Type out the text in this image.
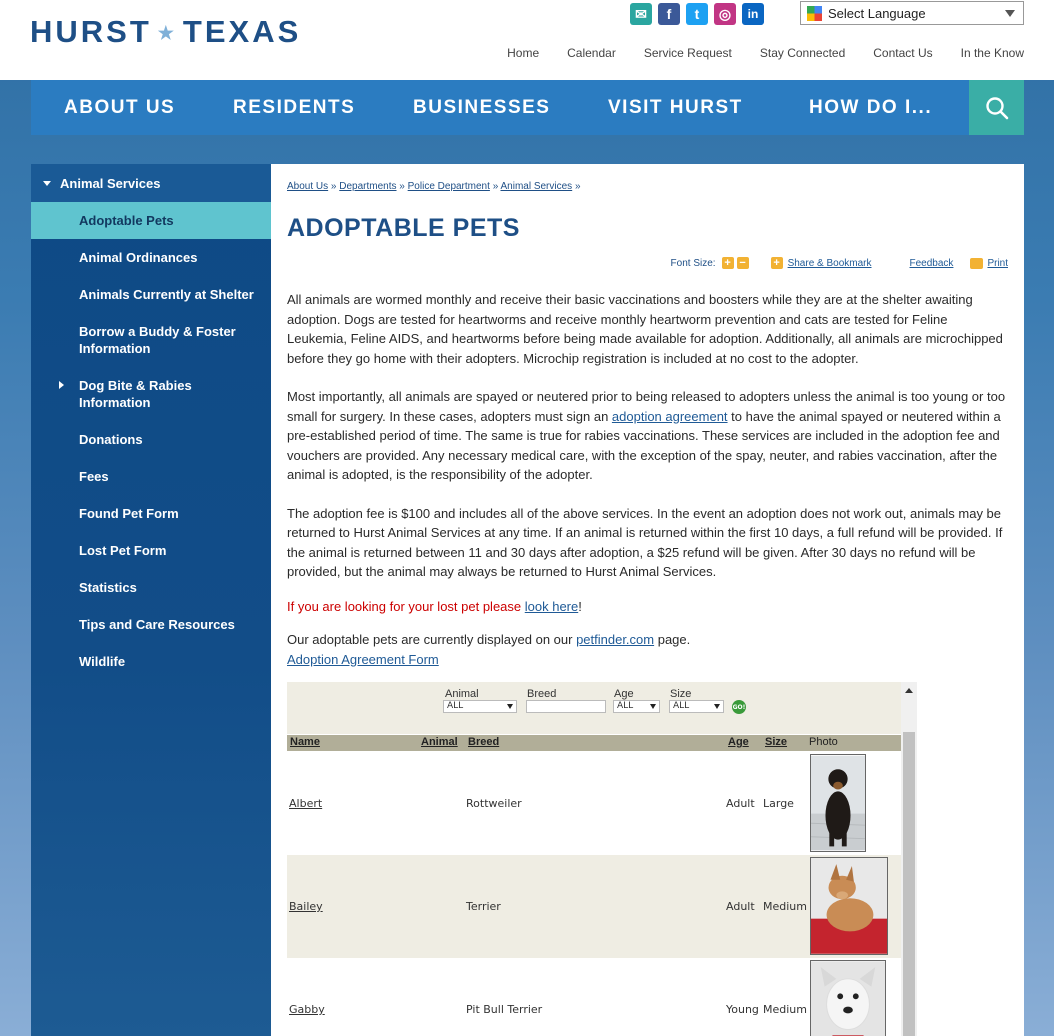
HURST ★ TEXAS
✉	f	t	◎	in	Select Language
Home Calendar Service Request Stay Connected Contact Us In the Know
ABOUT US	RESIDENTS	BUSINESSES	VISIT HURST	HOW DO I...
Animal Services
Adoptable Pets
Animal Ordinances
Animals Currently at Shelter
Borrow a Buddy & Foster Information
Dog Bite & Rabies Information
Donations
Fees
Found Pet Form
Lost Pet Form
Statistics
Tips and Care Resources
Wildlife
About Us » Departments » Police Department » Animal Services »
ADOPTABLE PETS
Font Size: + −	+ Share & Bookmark	Feedback	Print

All animals are wormed monthly and receive their basic vaccinations and boosters while they are at the shelter awaiting adoption. Dogs are tested for heartworms and receive monthly heartworm prevention and cats are tested for Feline Leukemia, Feline AIDS, and heartworms before being made available for adoption. Additionally, all animals are microchipped before they go home with their adopters. Microchip registration is included at no cost to the adopter.

Most importantly, all animals are spayed or neutered prior to being released to adopters unless the animal is too young or too small for surgery. In these cases, adopters must sign an adoption agreement to have the animal spayed or neutered within a pre-established period of time. The same is true for rabies vaccinations. These services are included in the adoption fee and vouchers are provided. Any necessary medical care, with the exception of the spay, neuter, and rabies vaccination, after the animal is adopted, is the responsibility of the adopter.

The adoption fee is $100 and includes all of the above services. In the event an adoption does not work out, animals may be returned to Hurst Animal Services at any time. If an animal is returned within the first 10 days, a full refund will be provided. If the animal is returned between 11 and 30 days after adoption, a $25 refund will be given. After 30 days no refund will be provided, but the animal may always be returned to Hurst Animal Services.

If you are looking for your lost pet please look here!

Our adoptable pets are currently displayed on our petfinder.com page.
Adoption Agreement Form

Animal
ALL
Breed	Age
ALL
Size
ALL	GO!
Name	Animal Breed	Age Size Photo
Albert	Rottweiler	Adult Large
Bailey	Terrier	Adult Medium
Gabby	Pit Bull Terrier	Young Medium
